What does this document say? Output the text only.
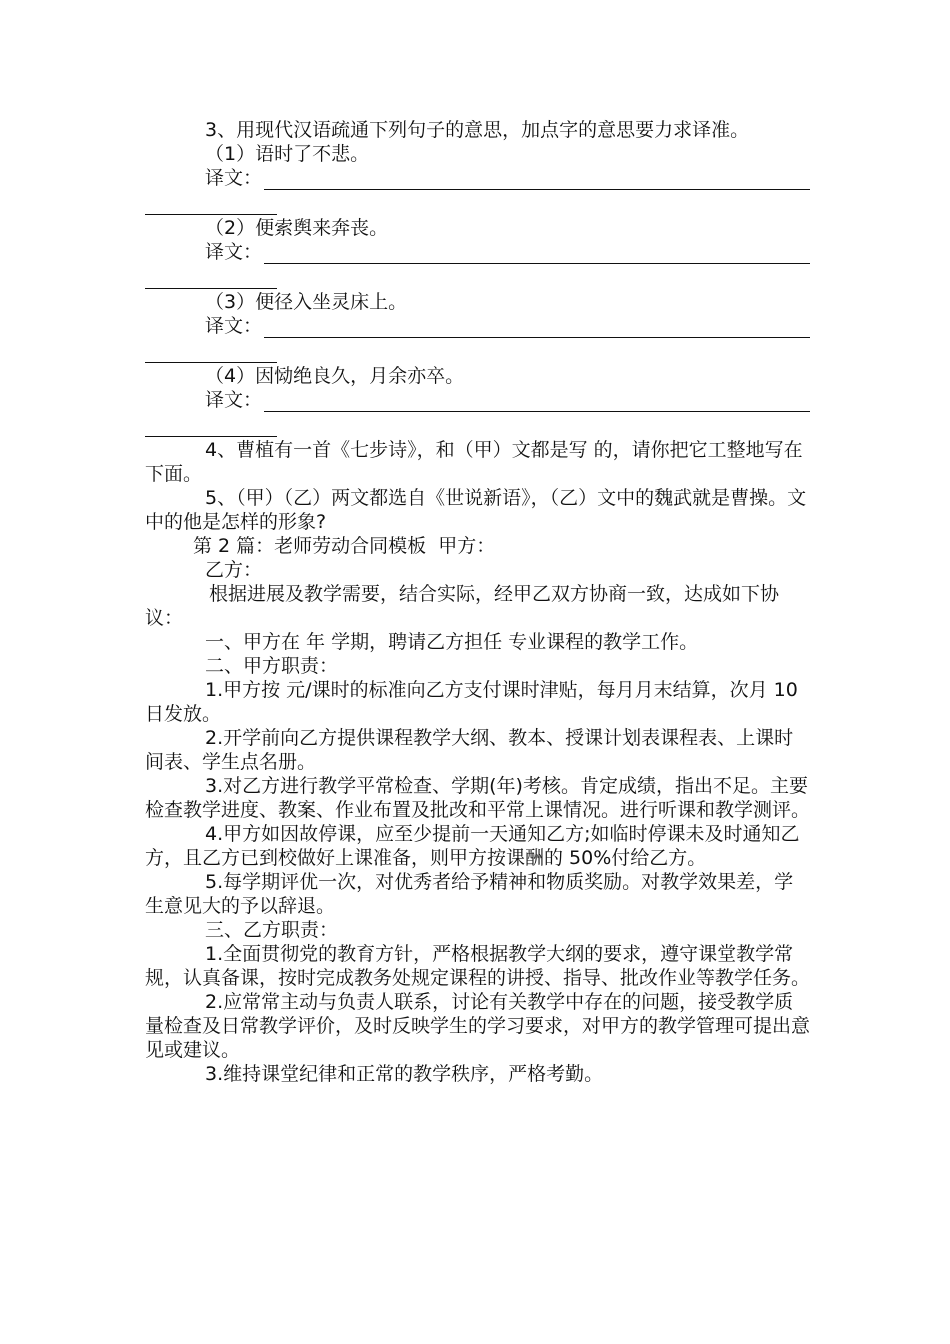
3、用现代汉语疏通下列句子的意思，加点字的意思要力求译准。

（1）语时了不悲。

译文：

（2）便索舆来奔丧。

译文：

（3）便径入坐灵床上。

译文：

（4）因恸绝良久，月余亦卒。

译文：

4、曹植有一首《七步诗》，和（甲）文都是写 的，请你把它工整地写在下面。

5、（甲）（乙）两文都选自《世说新语》，（乙）文中的魏武就是曹操。文中的他是怎样的形象?

第 2 篇：老师劳动合同模板  甲方：

乙方：

根据进展及教学需要，结合实际，经甲乙双方协商一致，达成如下协议：

一、甲方在 年 学期，聘请乙方担任 专业课程的教学工作。

二、甲方职责：

1.甲方按 元/课时的标准向乙方支付课时津贴，每月月末结算，次月 10 日发放。

2.开学前向乙方提供课程教学大纲、教本、授课计划表课程表、上课时间表、学生点名册。

3.对乙方进行教学平常检查、学期(年)考核。肯定成绩，指出不足。主要检查教学进度、教案、作业布置及批改和平常上课情况。进行听课和教学测评。

4.甲方如因故停课，应至少提前一天通知乙方;如临时停课未及时通知乙方，且乙方已到校做好上课准备，则甲方按课酬的 50%付给乙方。

5.每学期评优一次，对优秀者给予精神和物质奖励。对教学效果差，学生意见大的予以辞退。

三、乙方职责：

1.全面贯彻党的教育方针，严格根据教学大纲的要求，遵守课堂教学常规，认真备课，按时完成教务处规定课程的讲授、指导、批改作业等教学任务。

2.应常常主动与负责人联系，讨论有关教学中存在的问题，接受教学质量检查及日常教学评价，及时反映学生的学习要求，对甲方的教学管理可提出意见或建议。

3.维持课堂纪律和正常的教学秩序，严格考勤。
